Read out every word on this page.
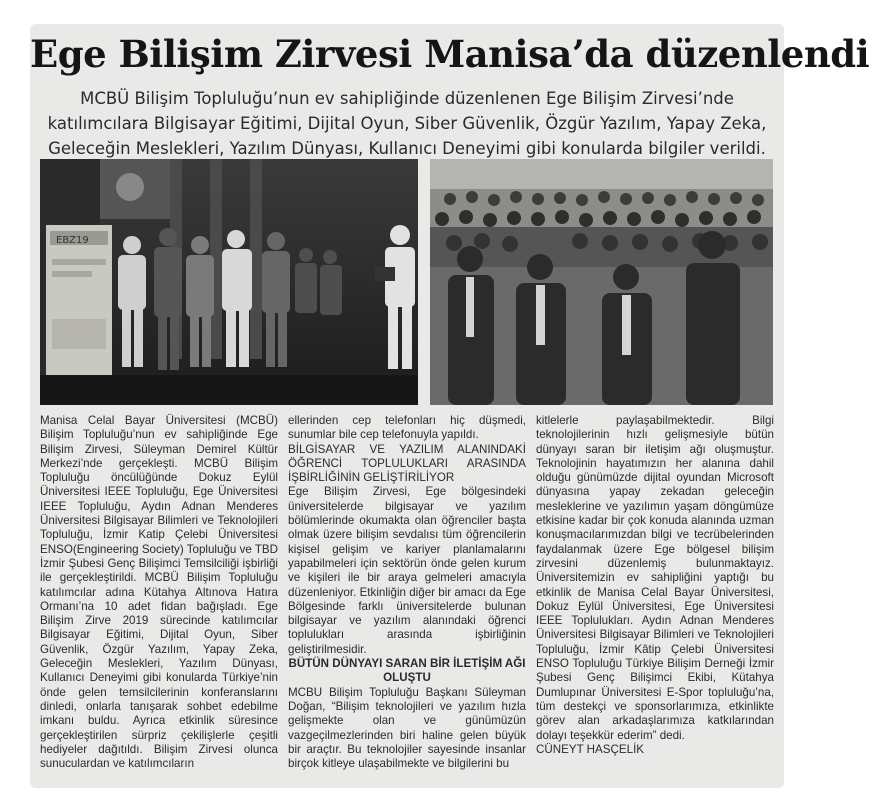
Ege Bilişim Zirvesi Manisa’da düzenlendi
MCBÜ Bilişim Topluluğu’nun ev sahipliğinde düzenlenen Ege Bilişim Zirvesi’nde katılımcılara Bilgisayar Eğitimi, Dijital Oyun, Siber Güvenlik, Özgür Yazılım, Yapay Zeka, Geleceğin Meslekleri, Yazılım Dünyası, Kullanıcı Deneyimi gibi konularda bilgiler verildi.
EBZ19

Manisa Celal Bayar Üniversitesi (MCBÜ) Bilişim Topluluğu’nun ev sahipliğinde Ege Bilişim Zirvesi, Süleyman Demirel Kültür Merkezi’nde gerçekleşti. MCBÜ Bilişim Topluluğu öncülüğünde Dokuz Eylül Üniversitesi IEEE Topluluğu, Ege Üniversitesi IEEE Topluluğu, Aydın Adnan Menderes Üniversitesi Bilgisayar Bilimleri ve Teknolojileri Topluluğu, İzmir Katip Çelebi Üniversitesi ENSO(Engineering Society) Topluluğu ve TBD İzmir Şubesi Genç Bilişimci Temsilciliği işbirliği ile gerçekleştirildi. MCBÜ Bilişim Topluluğu katılımcılar adına Kütahya Altınova Hatıra Ormanı’na 10 adet fidan bağışladı. Ege Bilişim Zirve 2019 sürecinde katılımcılar Bilgisayar Eğitimi, Dijital Oyun, Siber Güvenlik, Özgür Yazılım, Yapay Zeka, Geleceğin Meslekleri, Yazılım Dünyası, Kullanıcı Deneyimi gibi konularda Türkiye’nin önde gelen temsilcilerinin konferanslarını dinledi, onlarla tanışarak sohbet edebilme imkanı buldu. Ayrıca etkinlik süresince gerçekleştirilen sürpriz çekilişlerle çeşitli hediyeler dağıtıldı. Bilişim Zirvesi olunca sunuculardan ve katılımcıların

ellerinden cep telefonları hiç düşmedi, sunumlar bile cep telefonuyla yapıldı.

BİLGİSAYAR VE YAZILIM ALANINDAKİ ÖĞRENCİ TOPLULUKLARI ARASINDA İŞBİRLİĞİNİN GELİŞTİRİLİYOR

Ege Bilişim Zirvesi, Ege bölgesindeki üniversitelerde bilgisayar ve yazılım bölümlerinde okumakta olan öğrenciler başta olmak üzere bilişim sevdalısı tüm öğrencilerin kişisel gelişim ve kariyer planlamalarını yapabilmeleri için sektörün önde gelen kurum ve kişileri ile bir araya gelmeleri amacıyla düzenleniyor. Etkinliğin diğer bir amacı da Ege Bölgesinde farklı üniversitelerde bulunan bilgisayar ve yazılım alanındaki öğrenci toplulukları arasında işbirliğinin geliştirilmesidir.

BÜTÜN DÜNYAYI SARAN BİR İLETİŞİM AĞI OLUŞTU

MCBU Bilişim Topluluğu Başkanı Süleyman Doğan, “Bilişim teknolojileri ve yazılım hızla gelişmekte olan ve günümüzün vazgeçilmezlerinden biri haline gelen büyük bir araçtır. Bu teknolojiler sayesinde insanlar birçok kitleye ulaşabilmekte ve bilgilerini bu

kitlelerle paylaşabilmektedir. Bilgi teknolojilerinin hızlı gelişmesiyle bütün dünyayı saran bir iletişim ağı oluşmuştur. Teknolojinin hayatımızın her alanına dahil olduğu günümüzde dijital oyundan Microsoft dünyasına yapay zekadan geleceğin mesleklerine ve yazılımın yaşam döngümüze etkisine kadar bir çok konuda alanında uzman konuşmacılarımızdan bilgi ve tecrübelerinden faydalanmak üzere Ege bölgesel bilişim zirvesini düzenlemiş bulunmaktayız. Üniversitemizin ev sahipliğini yaptığı bu etkinlik de Manisa Celal Bayar Üniversitesi, Dokuz Eylül Üniversitesi, Ege Üniversitesi IEEE Toplulukları. Aydın Adnan Menderes Üniversitesi Bilgisayar Bilimleri ve Teknolojileri Topluluğu, İzmir Kâtip Çelebi Üniversitesi ENSO Topluluğu Türkiye Bilişim Derneği İzmir Şubesi Genç Bilişimci Ekibi, Kütahya Dumlupınar Üniversitesi E-Spor topluluğu’na, tüm destekçi ve sponsorlarımıza, etkinlikte görev alan arkadaşlarımıza katkılarından dolayı teşekkür ederim” dedi.

CÜNEYT HASÇELİK
